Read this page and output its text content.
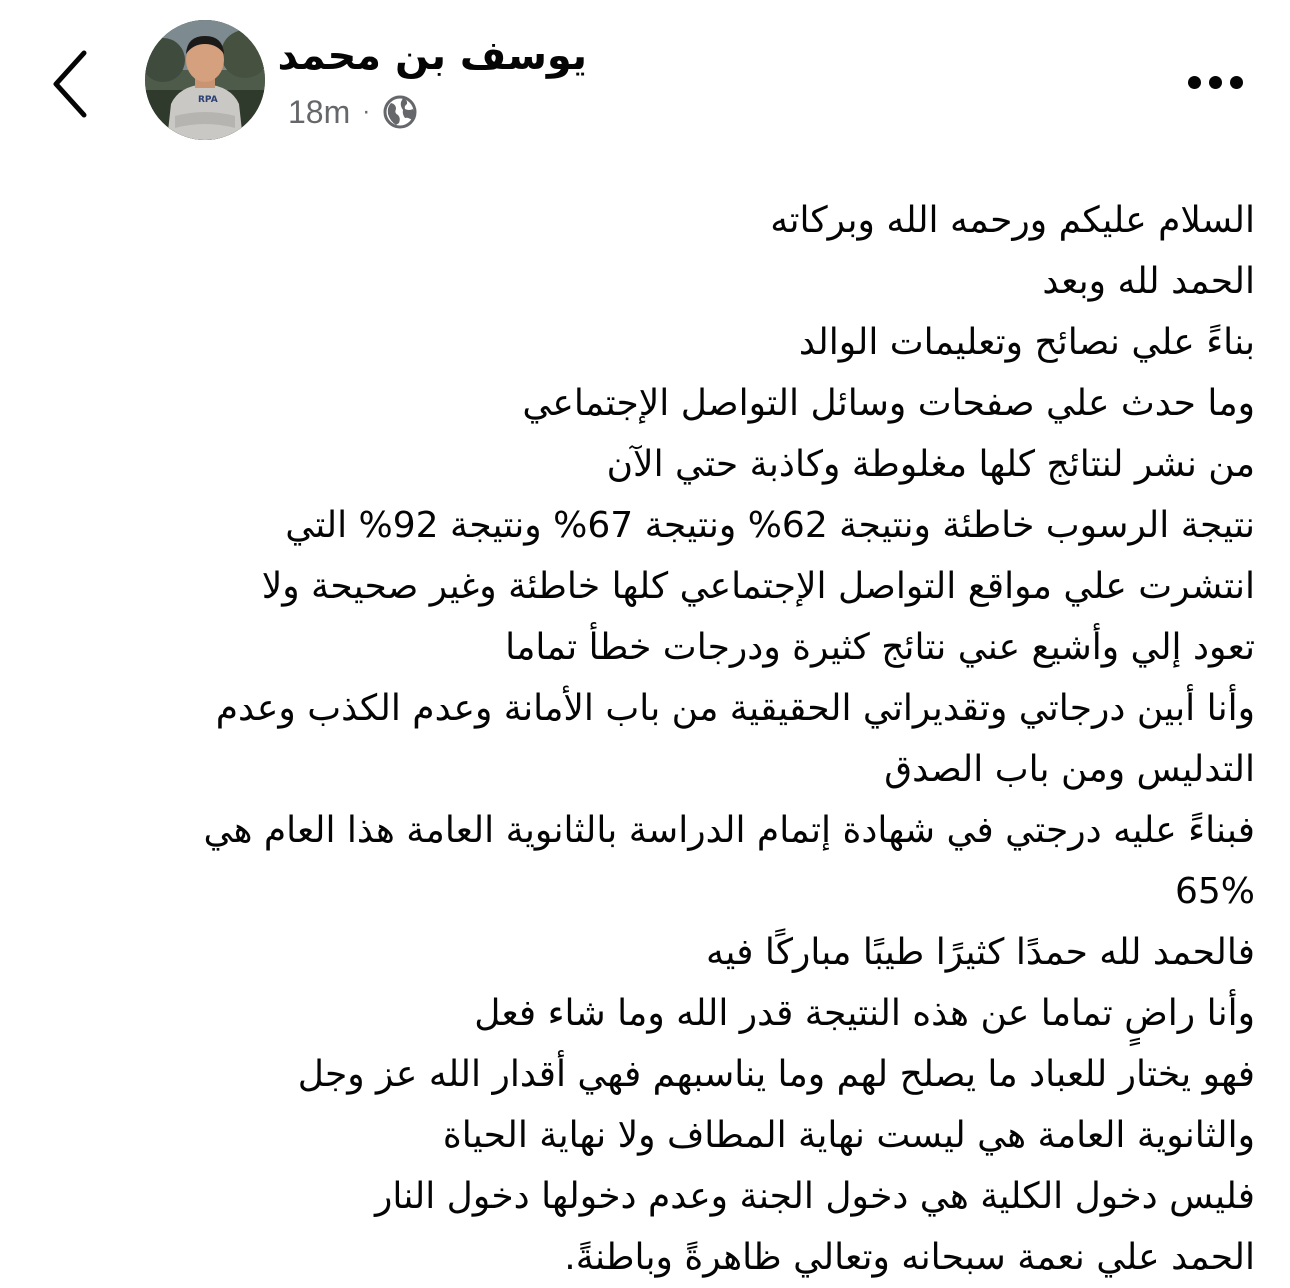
RPA
يوسف بن محمد
18m ·
السلام عليكم ورحمه الله وبركاته
الحمد لله وبعد
بناءً علي نصائح وتعليمات الوالد
وما حدث علي صفحات وسائل التواصل الإجتماعي
من نشر لنتائج كلها مغلوطة وكاذبة حتي الآن
نتيجة الرسوب خاطئة ونتيجة 62% ونتيجة 67% ونتيجة 92% التي
انتشرت علي مواقع التواصل الإجتماعي كلها خاطئة وغير صحيحة ولا
تعود إلي وأشيع عني نتائج كثيرة ودرجات خطأ تماما
وأنا أبين درجاتي وتقديراتي الحقيقية من باب الأمانة وعدم الكذب وعدم
التدليس ومن باب الصدق
فبناءً عليه درجتي في شهادة إتمام الدراسة بالثانوية العامة هذا العام هي
65%
فالحمد لله حمدًا كثيرًا طيبًا مباركًا فيه
وأنا راضٍ تماما عن هذه النتيجة قدر الله وما شاء فعل
فهو يختار للعباد ما يصلح لهم وما يناسبهم فهي أقدار الله عز وجل
والثانوية العامة هي ليست نهاية المطاف ولا نهاية الحياة
فليس دخول الكلية هي دخول الجنة وعدم دخولها دخول النار
الحمد علي نعمة سبحانه وتعالي ظاهرةً وباطنةً.
